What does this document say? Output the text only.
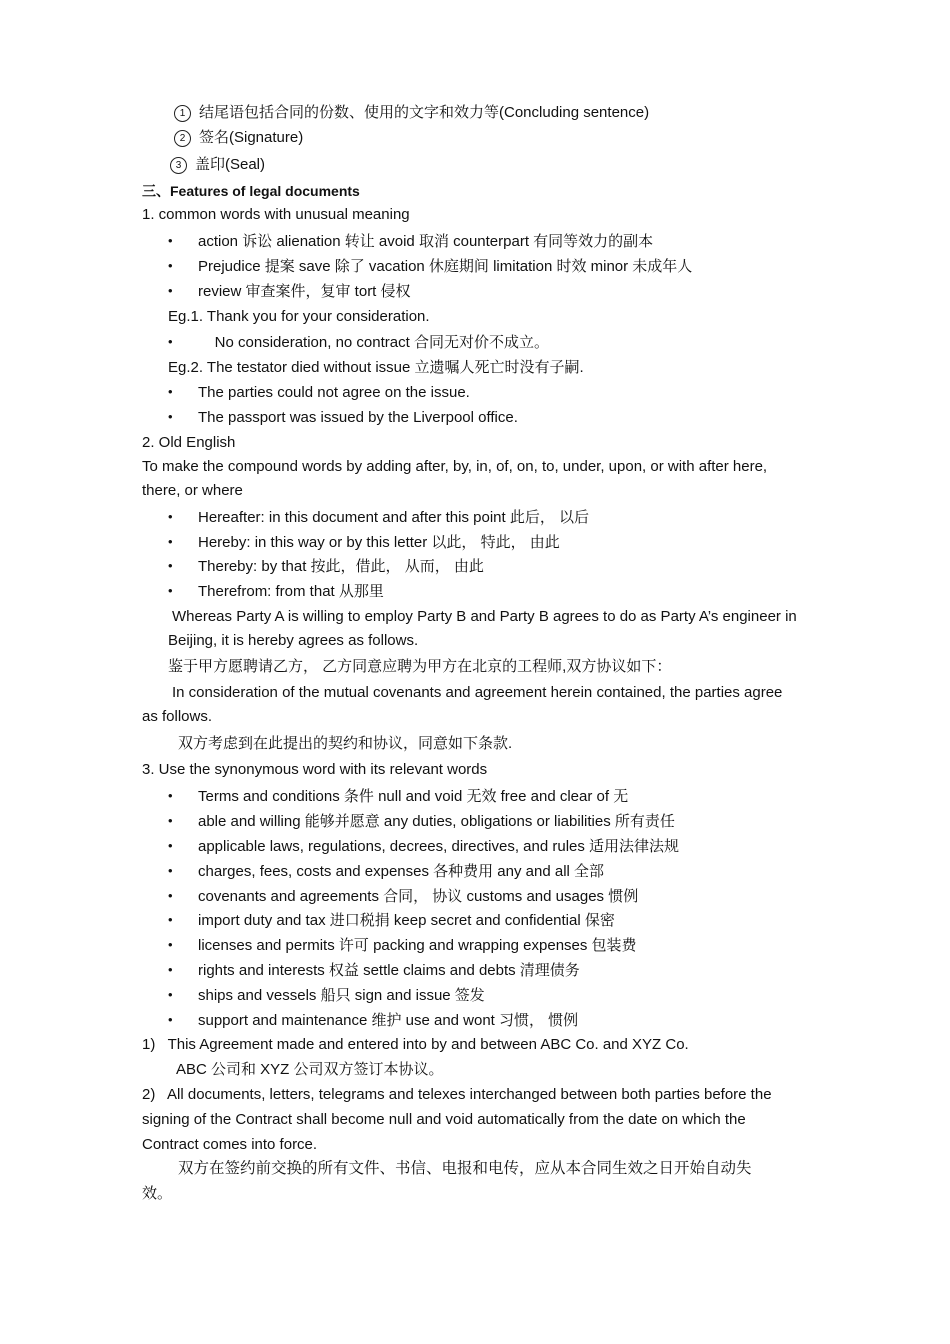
1 结尾语包括合同的份数、使用的文字和效力等(Concluding sentence)
2 签名(Signature)
3 盖印(Seal)
三、Features of legal documents
1. common words with unusual meaning
• action 诉讼 alienation 转让 avoid 取消 counterpart 有同等效力的副本
• Prejudice 提案 save 除了 vacation 休庭期间 limitation 时效 minor 未成年人
• review 审查案件，复审 tort 侵权
Eg.1. Thank you for your consideration.
• No consideration, no contract 合同无对价不成立。
Eg.2. The testator died without issue 立遗嘱人死亡时没有子嗣.
• The parties could not agree on the issue.
• The passport was issued by the Liverpool office.
2. Old English
To make the compound words by adding after, by, in, of, on, to, under, upon, or with after here,
there, or where
• Hereafter: in this document and after this point 此后， 以后
• Hereby: in this way or by this letter 以此， 特此， 由此
• Thereby: by that 按此，借此， 从而， 由此
• Therefrom: from that 从那里
Whereas Party A is willing to employ Party B and Party B agrees to do as Party A’s engineer in
Beijing, it is hereby agrees as follows.
鉴于甲方愿聘请乙方， 乙方同意应聘为甲方在北京的工程师,双方协议如下：
In consideration of the mutual covenants and agreement herein contained, the parties agree
as follows.
双方考虑到在此提出的契约和协议，同意如下条款.
3. Use the synonymous word with its relevant words
• Terms and conditions 条件 null and void 无效 free and clear of 无
• able and willing 能够并愿意 any duties, obligations or liabilities 所有责任
• applicable laws, regulations, decrees, directives, and rules 适用法律法规
• charges, fees, costs and expenses 各种费用 any and all 全部
• covenants and agreements 合同， 协议 customs and usages 惯例
• import duty and tax 进口税捐 keep secret and confidential 保密
• licenses and permits 许可 packing and wrapping expenses 包装费
• rights and interests 权益 settle claims and debts 清理债务
• ships and vessels 船只 sign and issue 签发
• support and maintenance 维护 use and wont 习惯， 惯例
1)   This Agreement made and entered into by and between ABC Co. and XYZ Co.
ABC 公司和 XYZ 公司双方签订本协议。
2)   All documents, letters, telegrams and telexes interchanged between both parties before the
signing of the Contract shall become null and void automatically from the date on which the
Contract comes into force.
双方在签约前交换的所有文件、书信、电报和电传，应从本合同生效之日开始自动失
效。
